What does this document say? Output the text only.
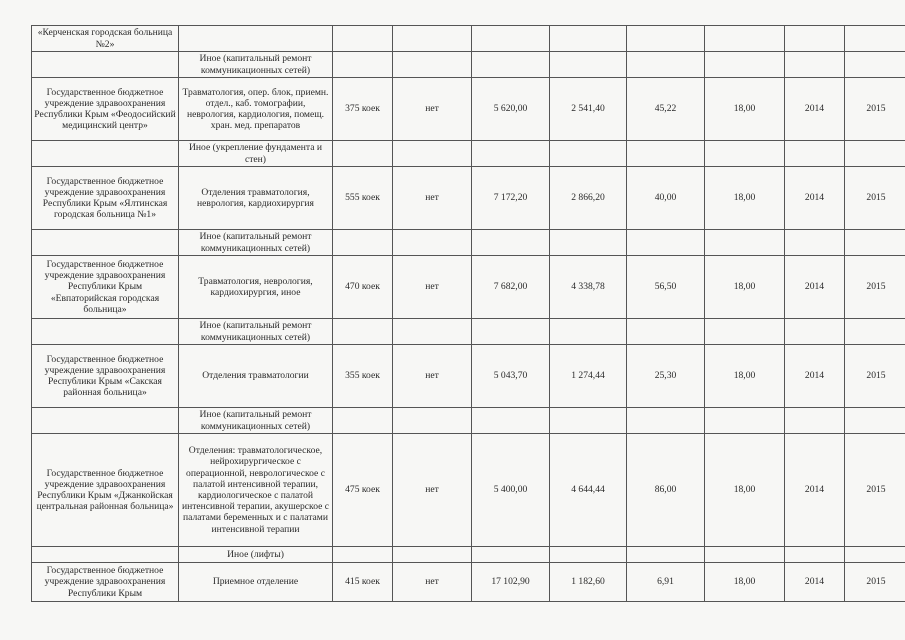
«Керченская городская больница №2»									
	Иное (капитальный ремонт коммуникационных сетей)								
Государственное бюджетное учреждение здравоохранения Республики Крым «Феодосийский медицинский центр»	Травматология, опер. блок, приемн. отдел., каб. томографии, неврология, кардиология, помещ. хран. мед. препаратов	375 коек	нет	5 620,00	2 541,40	45,22	18,00	2014	2015
	Иное (укрепление фундамента и стен)								
Государственное бюджетное учреждение здравоохранения Республики Крым «Ялтинская городская больница №1»	Отделения травматология, неврология, кардиохирургия	555 коек	нет	7 172,20	2 866,20	40,00	18,00	2014	2015
	Иное (капитальный ремонт коммуникационных сетей)								
Государственное бюджетное учреждение здравоохранения Республики Крым «Евпаторийская городская больница»	Травматология, неврология, кардиохирургия, иное	470 коек	нет	7 682,00	4 338,78	56,50	18,00	2014	2015
	Иное (капитальный ремонт коммуникационных сетей)								
Государственное бюджетное учреждение здравоохранения Республики Крым «Сакская районная больница»	Отделения травматологии	355 коек	нет	5 043,70	1 274,44	25,30	18,00	2014	2015
	Иное (капитальный ремонт коммуникационных сетей)								
Государственное бюджетное учреждение здравоохранения Республики Крым «Джанкойская центральная районная больница»	Отделения: травматологическое, нейрохирургическое с операционной, неврологическое с палатой интенсивной терапии, кардиологическое с палатой интенсивной терапии, акушерское с палатами беременных и с палатами интенсивной терапии	475 коек	нет	5 400,00	4 644,44	86,00	18,00	2014	2015
	Иное (лифты)								
Государственное бюджетное учреждение здравоохранения Республики Крым	Приемное отделение	415 коек	нет	17 102,90	1 182,60	6,91	18,00	2014	2015
